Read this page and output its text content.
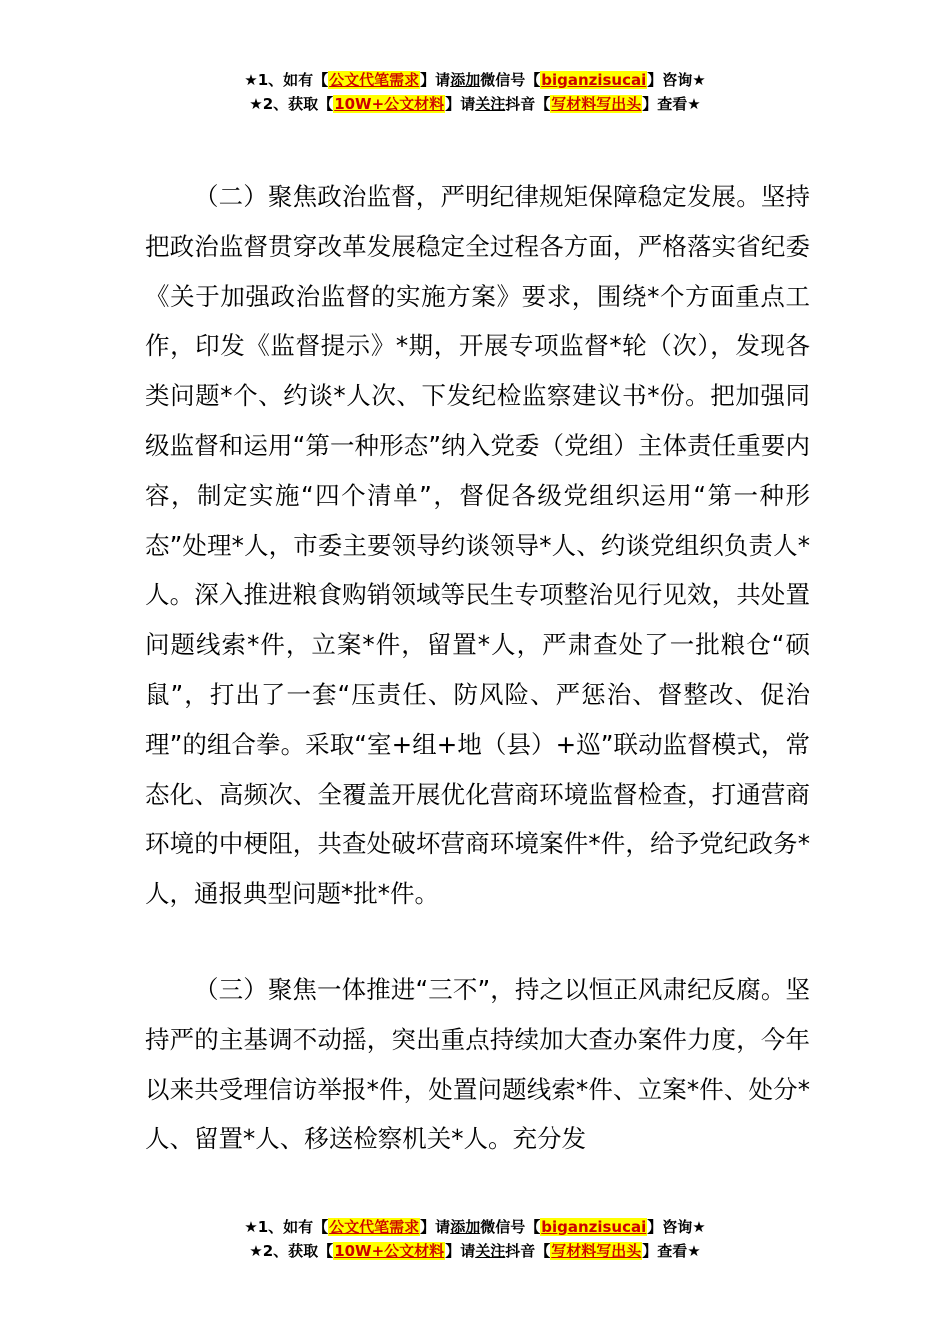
★1、如有【公文代笔需求】请添加微信号【biganzisucai】咨询★
★2、获取【10W+公文材料】请关注抖音【写材料写出头】查看★

（二）聚焦政治监督，严明纪律规矩保障稳定发展。坚持把政治监督贯穿改革发展稳定全过程各方面，严格落实省纪委《关于加强政治监督的实施方案》要求，围绕*个方面重点工作，印发《监督提示》*期，开展专项监督*轮（次），发现各类问题*个、约谈*人次、下发纪检监察建议书*份。把加强同级监督和运用“第一种形态”纳入党委（党组）主体责任重要内容，制定实施“四个清单”，督促各级党组织运用“第一种形态”处理*人，市委主要领导约谈领导*人、约谈党组织负责人*人。深入推进粮食购销领域等民生专项整治见行见效，共处置问题线索*件，立案*件，留置*人，严肃查处了一批粮仓“硕鼠”，打出了一套“压责任、防风险、严惩治、督整改、促治理”的组合拳。采取“室+组+地（县）+巡”联动监督模式，常态化、高频次、全覆盖开展优化营商环境监督检查，打通营商环境的中梗阻，共查处破坏营商环境案件*件，给予党纪政务*人，通报典型问题*批*件。

（三）聚焦一体推进“三不”，持之以恒正风肃纪反腐。坚持严的主基调不动摇，突出重点持续加大查办案件力度，今年以来共受理信访举报*件，处置问题线索*件、立案*件、处分*人、留置*人、移送检察机关*人。充分发

★1、如有【公文代笔需求】请添加微信号【biganzisucai】咨询★
★2、获取【10W+公文材料】请关注抖音【写材料写出头】查看★
